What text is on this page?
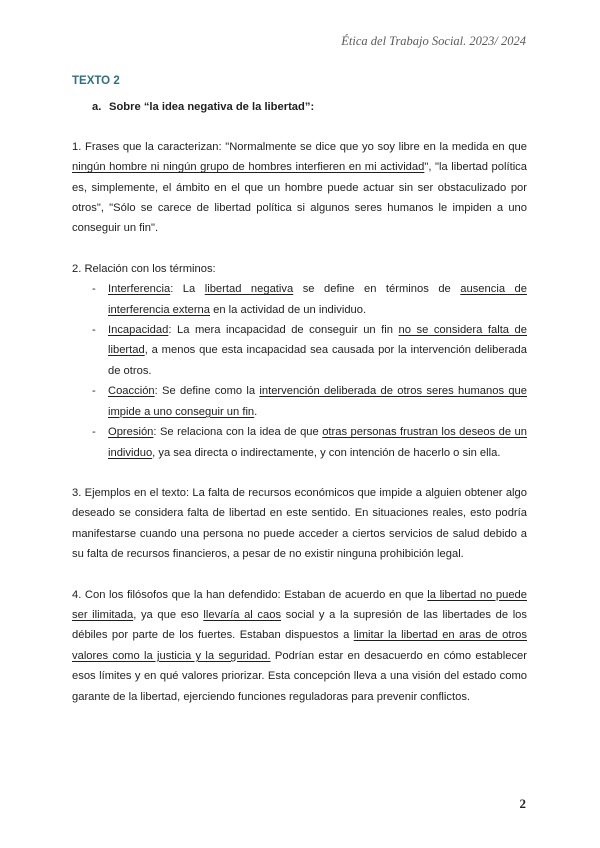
Ética del Trabajo Social. 2023/ 2024

TEXTO 2

a. Sobre “la idea negativa de la libertad”:

1. Frases que la caracterizan: "Normalmente se dice que yo soy libre en la medida en que ningún hombre ni ningún grupo de hombres interfieren en mi actividad", "la libertad política es, simplemente, el ámbito en el que un hombre puede actuar sin ser obstaculizado por otros", "Sólo se carece de libertad política si algunos seres humanos le impiden a uno conseguir un fin".

2. Relación con los términos:

- Interferencia: La libertad negativa se define en términos de ausencia de interferencia externa en la actividad de un individuo.
- Incapacidad: La mera incapacidad de conseguir un fin no se considera falta de libertad, a menos que esta incapacidad sea causada por la intervención deliberada de otros.
- Coacción: Se define como la intervención deliberada de otros seres humanos que impide a uno conseguir un fin.
- Opresión: Se relaciona con la idea de que otras personas frustran los deseos de un individuo, ya sea directa o indirectamente, y con intención de hacerlo o sin ella.

3. Ejemplos en el texto: La falta de recursos económicos que impide a alguien obtener algo deseado se considera falta de libertad en este sentido. En situaciones reales, esto podría manifestarse cuando una persona no puede acceder a ciertos servicios de salud debido a su falta de recursos financieros, a pesar de no existir ninguna prohibición legal.

4. Con los filósofos que la han defendido: Estaban de acuerdo en que la libertad no puede ser ilimitada, ya que eso llevaría al caos social y a la supresión de las libertades de los débiles por parte de los fuertes. Estaban dispuestos a limitar la libertad en aras de otros valores como la justicia y la seguridad. Podrían estar en desacuerdo en cómo establecer esos límites y en qué valores priorizar. Esta concepción lleva a una visión del estado como garante de la libertad, ejerciendo funciones reguladoras para prevenir conflictos.

2
